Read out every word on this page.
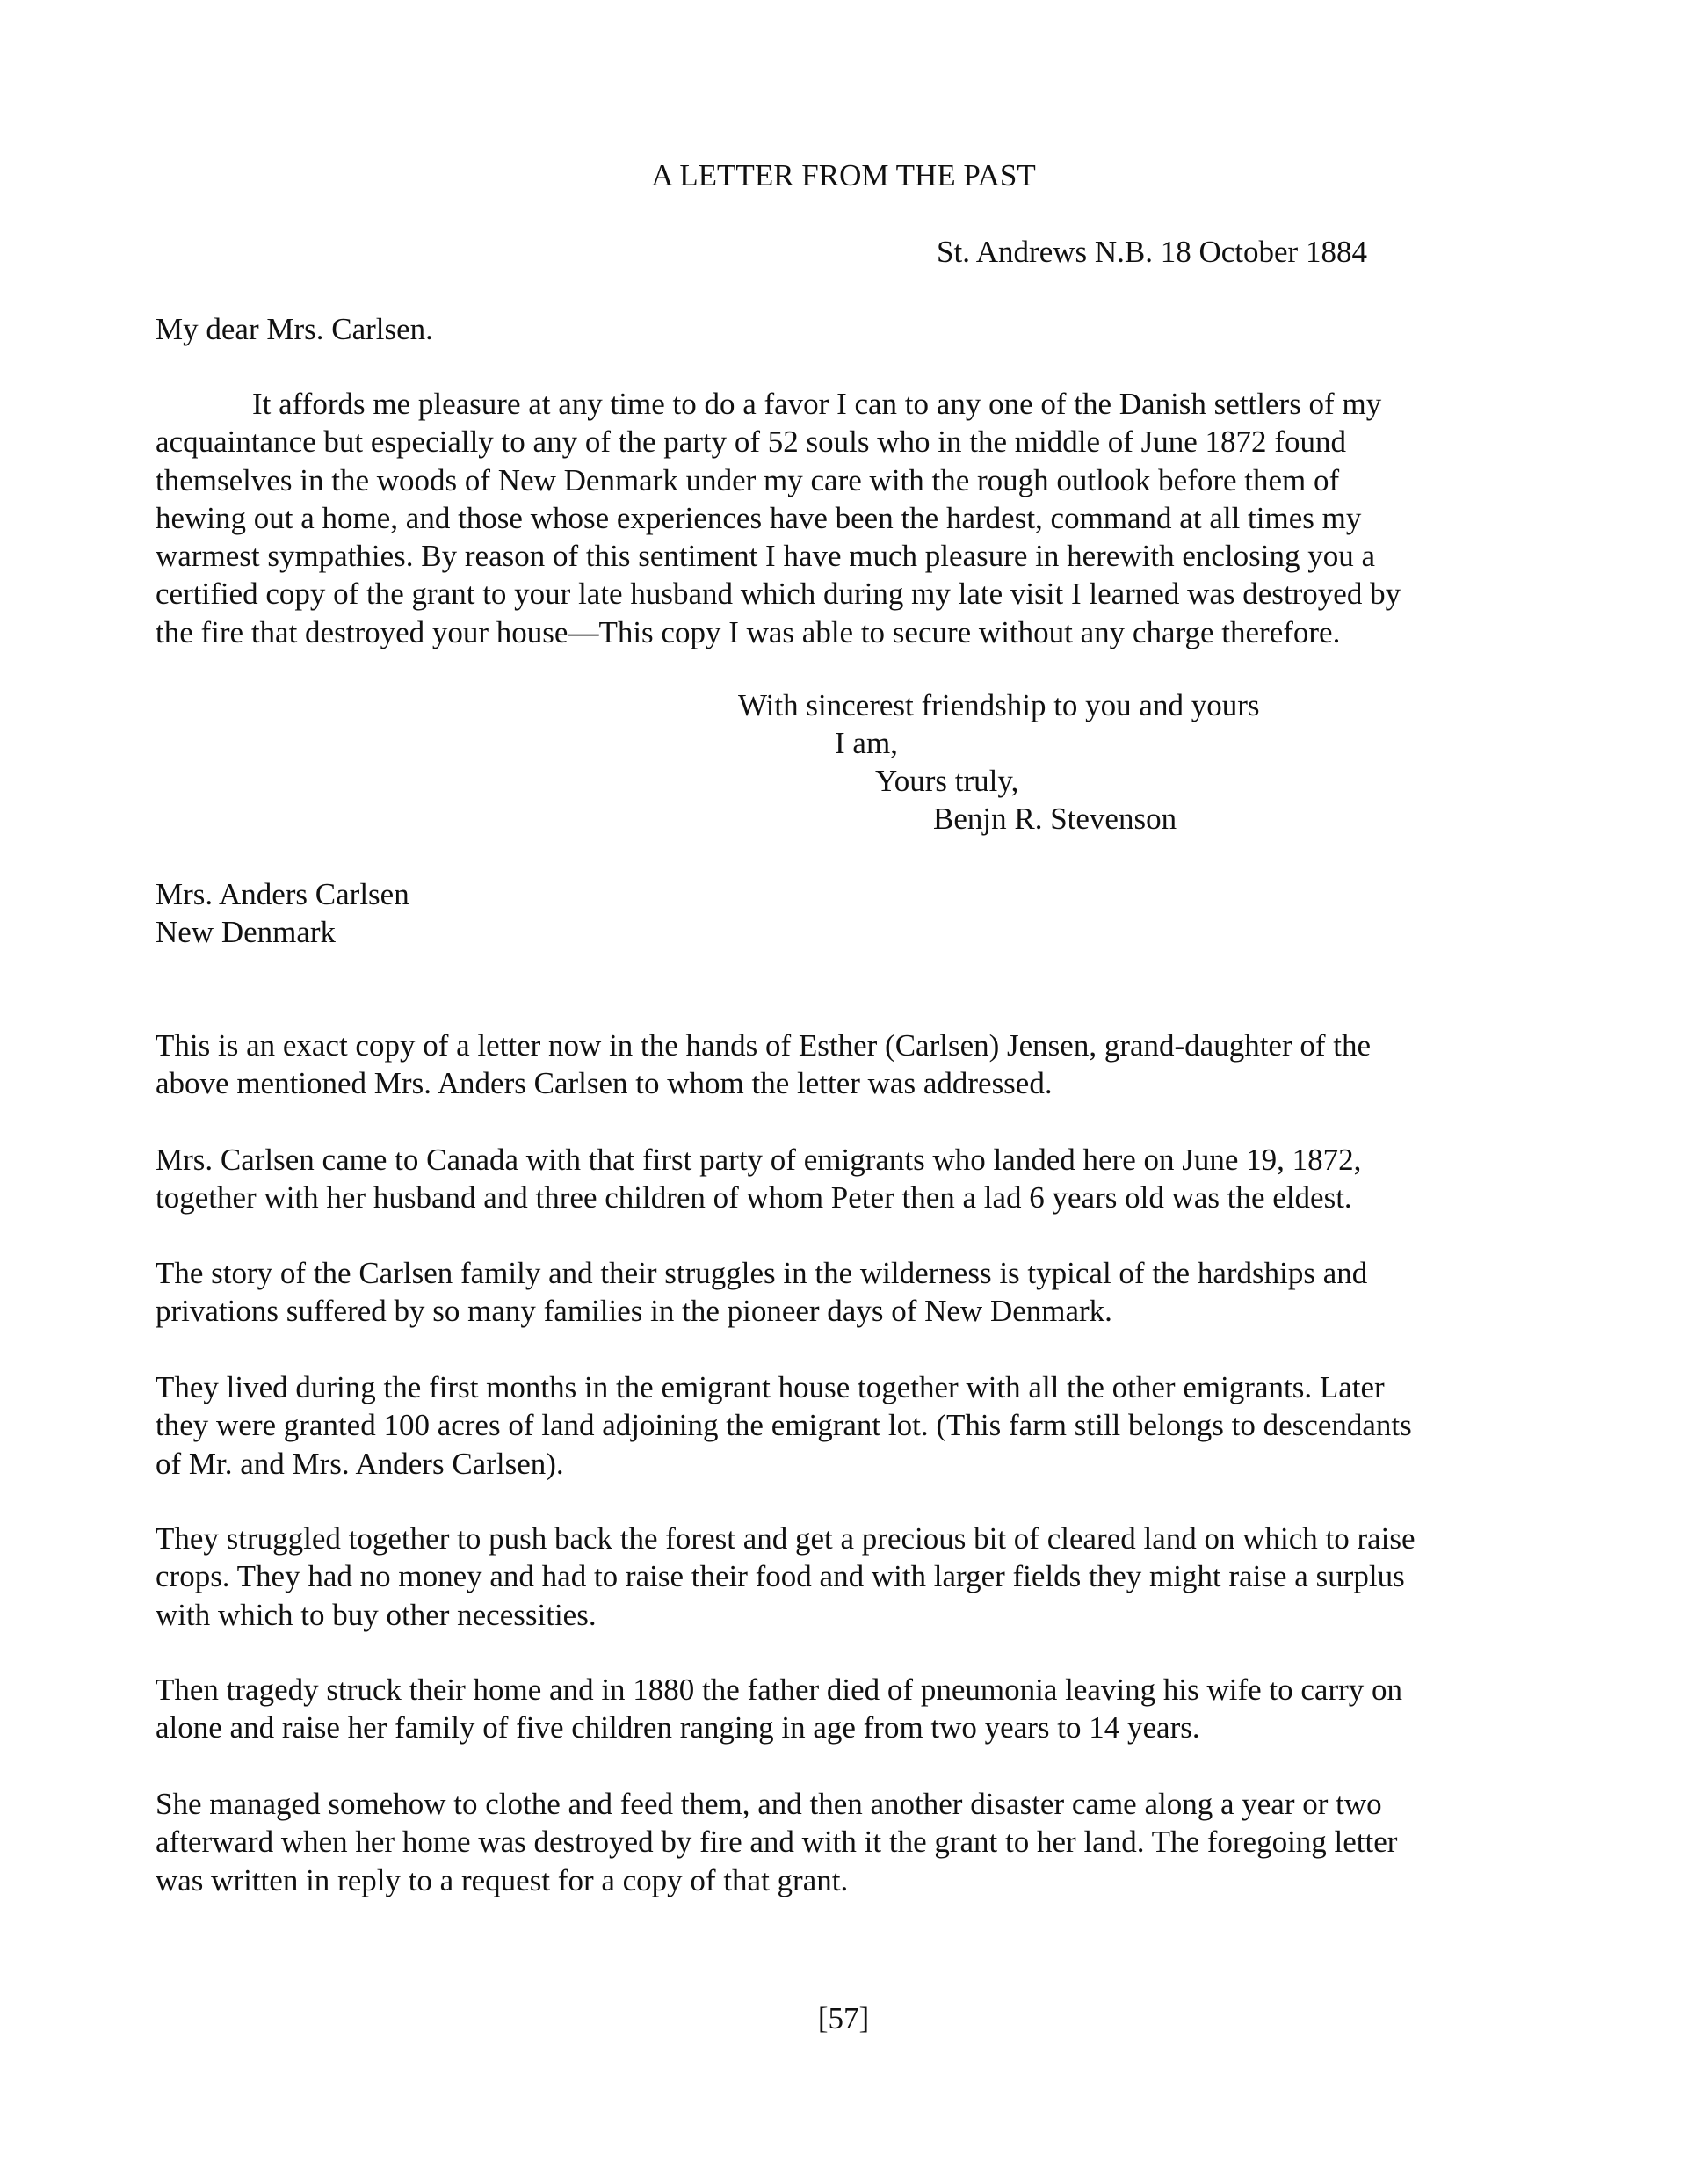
A LETTER FROM THE PAST

St. Andrews N.B. 18 October 1884

My dear Mrs. Carlsen.

It affords me pleasure at any time to do a favor I can to any one of the Danish settlers of my
acquaintance but especially to any of the party of 52 souls who in the middle of June 1872 found
themselves in the woods of New Denmark under my care with the rough outlook before them of
hewing out a home, and those whose experiences have been the hardest, command at all times my
warmest sympathies. By reason of this sentiment I have much pleasure in herewith enclosing you a
certified copy of the grant to your late husband which during my late visit I learned was destroyed by
the fire that destroyed your house—This copy I was able to secure without any charge therefore.

With sincerest friendship to you and yours
I am,
Yours truly,
Benjn R. Stevenson
Mrs. Anders Carlsen
New Denmark

This is an exact copy of a letter now in the hands of Esther (Carlsen) Jensen, grand-daughter of the
above mentioned Mrs. Anders Carlsen to whom the letter was addressed.

Mrs. Carlsen came to Canada with that first party of emigrants who landed here on June 19, 1872,
together with her husband and three children of whom Peter then a lad 6 years old was the eldest.

The story of the Carlsen family and their struggles in the wilderness is typical of the hardships and
privations suffered by so many families in the pioneer days of New Denmark.

They lived during the first months in the emigrant house together with all the other emigrants. Later
they were granted 100 acres of land adjoining the emigrant lot. (This farm still belongs to descendants
of Mr. and Mrs. Anders Carlsen).

They struggled together to push back the forest and get a precious bit of cleared land on which to raise
crops. They had no money and had to raise their food and with larger fields they might raise a surplus
with which to buy other necessities.

Then tragedy struck their home and in 1880 the father died of pneumonia leaving his wife to carry on
alone and raise her family of five children ranging in age from two years to 14 years.

She managed somehow to clothe and feed them, and then another disaster came along a year or two
afterward when her home was destroyed by fire and with it the grant to her land. The foregoing letter
was written in reply to a request for a copy of that grant.

[57]
